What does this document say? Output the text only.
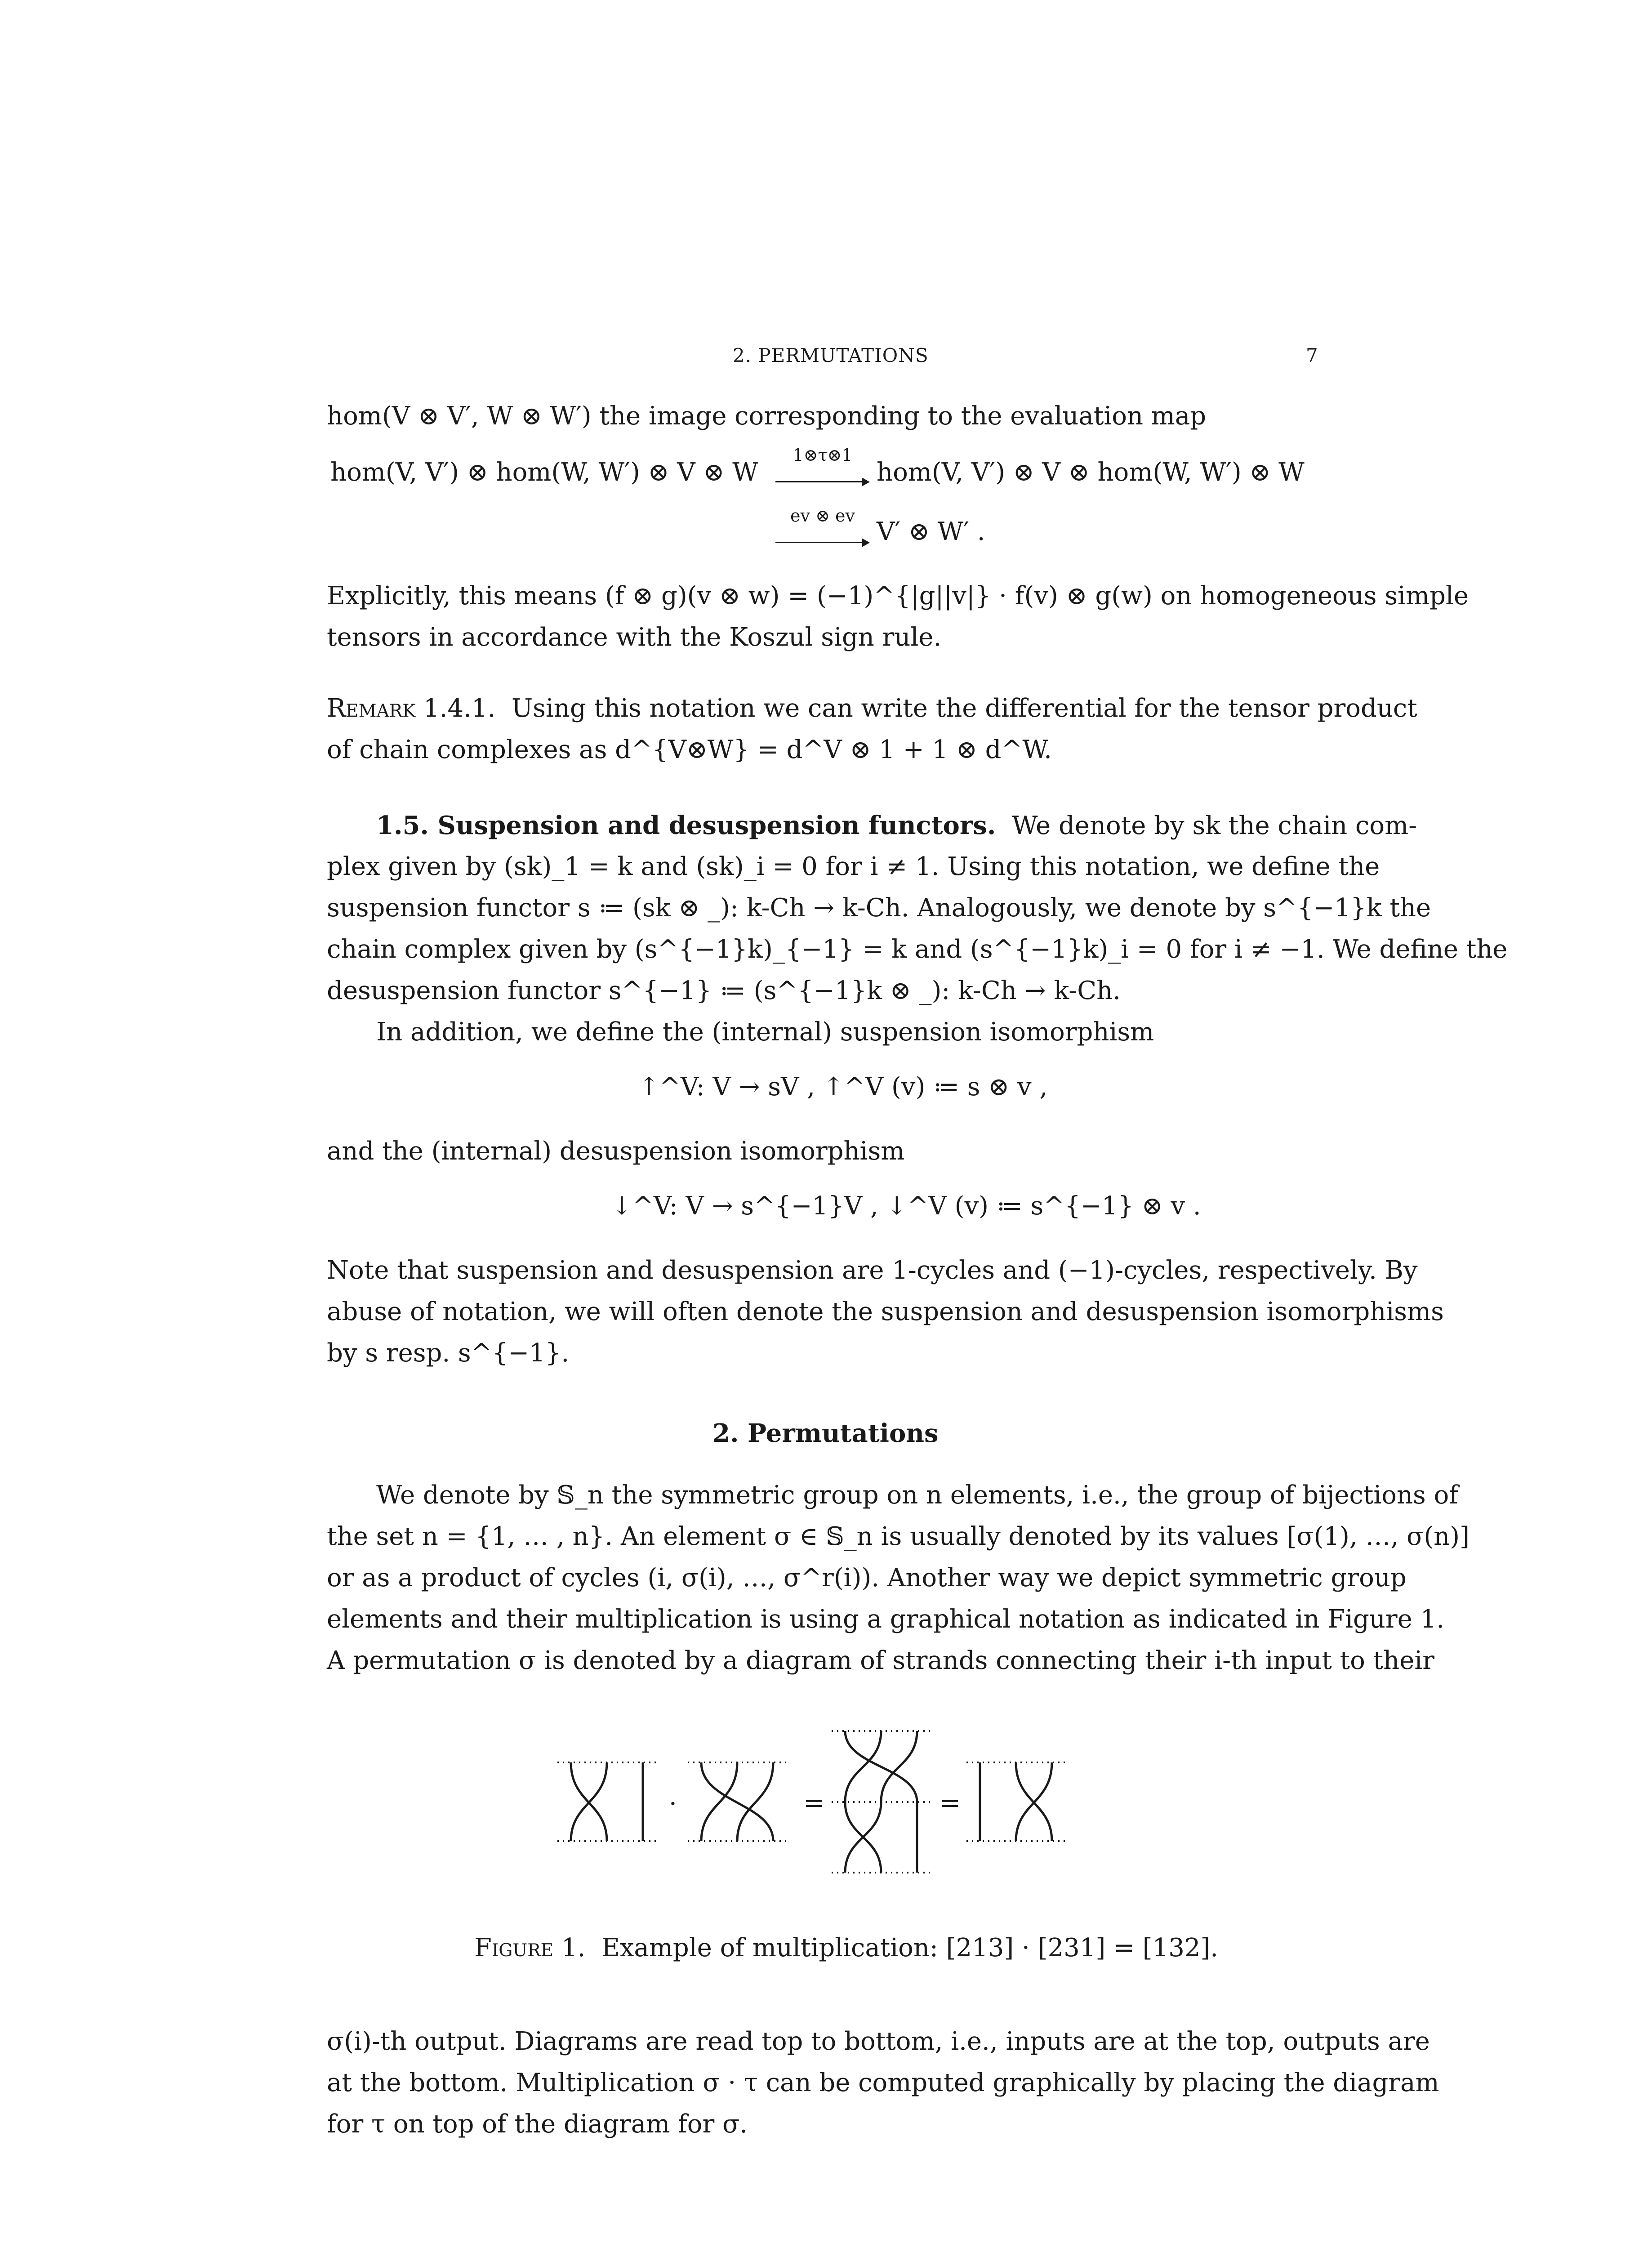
2. PERMUTATIONS	7
hom(V ⊗ V′, W ⊗ W′) the image corresponding to the evaluation map
hom(V, V′) ⊗ hom(W, W′) ⊗ V ⊗ W
1⊗τ⊗1
hom(V, V′) ⊗ V ⊗ hom(W, W′) ⊗ W
ev ⊗ ev
V′ ⊗ W′ .
Explicitly, this means (f ⊗ g)(v ⊗ w) = (−1)^{|g||v|} · f(v) ⊗ g(w) on homogeneous simple
tensors in accordance with the Koszul sign rule.
Remark 1.4.1. Using this notation we can write the differential for the tensor product
of chain complexes as d^{V⊗W} = d^V ⊗ 1 + 1 ⊗ d^W.
1.5. Suspension and desuspension functors. We denote by sk the chain com-
plex given by (sk)_1 = k and (sk)_i = 0 for i ≠ 1. Using this notation, we define the
suspension functor s ≔ (sk ⊗ _): k-Ch → k-Ch. Analogously, we denote by s^{−1}k the
chain complex given by (s^{−1}k)_{−1} = k and (s^{−1}k)_i = 0 for i ≠ −1. We define the
desuspension functor s^{−1} ≔ (s^{−1}k ⊗ _): k-Ch → k-Ch.
In addition, we define the (internal) suspension isomorphism
↑^V: V → sV , ↑^V (v) ≔ s ⊗ v ,
and the (internal) desuspension isomorphism
↓^V: V → s^{−1}V , ↓^V (v) ≔ s^{−1} ⊗ v .
Note that suspension and desuspension are 1-cycles and (−1)-cycles, respectively. By
abuse of notation, we will often denote the suspension and desuspension isomorphisms
by s resp. s^{−1}.
2. Permutations
We denote by 𝕊_n the symmetric group on n elements, i.e., the group of bijections of
the set n = {1, … , n}. An element σ ∈ 𝕊_n is usually denoted by its values [σ(1), …, σ(n)]
or as a product of cycles (i, σ(i), …, σ^r(i)). Another way we depict symmetric group
elements and their multiplication is using a graphical notation as indicated in Figure 1.
A permutation σ is denoted by a diagram of strands connecting their i-th input to their
·	=	=
Figure 1. Example of multiplication: [213] · [231] = [132].
σ(i)-th output. Diagrams are read top to bottom, i.e., inputs are at the top, outputs are
at the bottom. Multiplication σ · τ can be computed graphically by placing the diagram
for τ on top of the diagram for σ.
